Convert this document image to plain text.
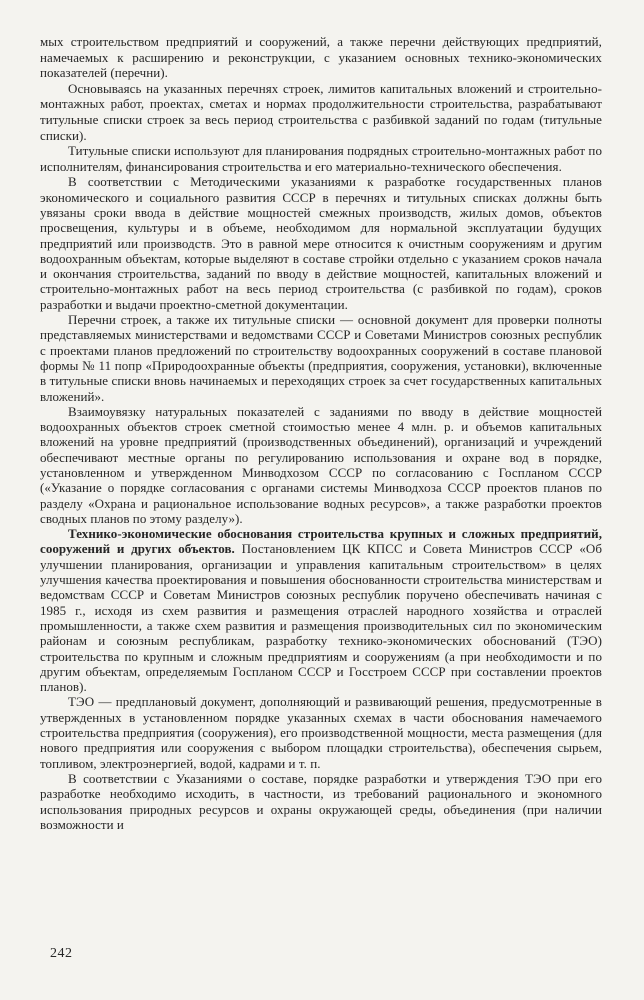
мых строительством предприятий и сооружений, а также перечни действующих предприятий, намечаемых к расширению и реконструкции, с указанием основных технико-экономических показателей (перечни).

Основываясь на указанных перечнях строек, лимитов капитальных вложений и строительно-монтажных работ, проектах, сметах и нормах продолжительности строительства, разрабатывают титульные списки строек за весь период строительства с разбивкой заданий по годам (титульные списки).

Титульные списки используют для планирования подрядных строительно-монтажных работ по исполнителям, финансирования строительства и его материально-технического обеспечения.

В соответствии с Методическими указаниями к разработке государственных планов экономического и социального развития СССР в перечнях и титульных списках должны быть увязаны сроки ввода в действие мощностей смежных производств, жилых домов, объектов просвещения, культуры и в объеме, необходимом для нормальной эксплуатации будущих предприятий или производств. Это в равной мере относится к очистным сооружениям и другим водоохранным объектам, которые выделяют в составе стройки отдельно с указанием сроков начала и окончания строительства, заданий по вводу в действие мощностей, капитальных вложений и строительно-монтажных работ на весь период строительства (с разбивкой по годам), сроков разработки и выдачи проектно-сметной документации.

Перечни строек, а также их титульные списки — основной документ для проверки полноты представляемых министерствами и ведомствами СССР и Советами Министров союзных республик с проектами планов предложений по строительству водоохранных сооружений в составе плановой формы № 11 попр «Природоохранные объекты (предприятия, сооружения, установки), включенные в титульные списки вновь начинаемых и переходящих строек за счет государственных капитальных вложений».

Взаимоувязку натуральных показателей с заданиями по вводу в действие мощностей водоохранных объектов строек сметной стоимостью менее 4 млн. р. и объемов капитальных вложений на уровне предприятий (производственных объединений), организаций и учреждений обеспечивают местные органы по регулированию использования и охране вод в порядке, установленном и утвержденном Минводхозом СССР по согласованию с Госпланом СССР («Указание о порядке согласования с органами системы Минводхоза СССР проектов планов по разделу «Охрана и рациональное использование водных ресурсов», а также разработки проектов сводных планов по этому разделу»).

Технико-экономические обоснования строительства крупных и сложных предприятий, сооружений и других объектов. Постановлением ЦК КПСС и Совета Министров СССР «Об улучшении планирования, организации и управления капитальным строительством» в целях улучшения качества проектирования и повышения обоснованности строительства министерствам и ведомствам СССР и Советам Министров союзных республик поручено обеспечивать начиная с 1985 г., исходя из схем развития и размещения отраслей народного хозяйства и отраслей промышленности, а также схем развития и размещения производительных сил по экономическим районам и союзным республикам, разработку технико-экономических обоснований (ТЭО) строительства по крупным и сложным предприятиям и сооружениям (а при необходимости и по другим объектам, определяемым Госпланом СССР и Госстроем СССР при составлении проектов планов).

ТЭО — предплановый документ, дополняющий и развивающий решения, предусмотренные в утвержденных в установленном порядке указанных схемах в части обоснования намечаемого строительства предприятия (сооружения), его производственной мощности, места размещения (для нового предприятия или сооружения с выбором площадки строительства), обеспечения сырьем, топливом, электроэнергией, водой, кадрами и т. п.

В соответствии с Указаниями о составе, порядке разработки и утверждения ТЭО при его разработке необходимо исходить, в частности, из требований рационального и экономного использования природных ресурсов и охраны окружающей среды, объединения (при наличии возможности и

242
